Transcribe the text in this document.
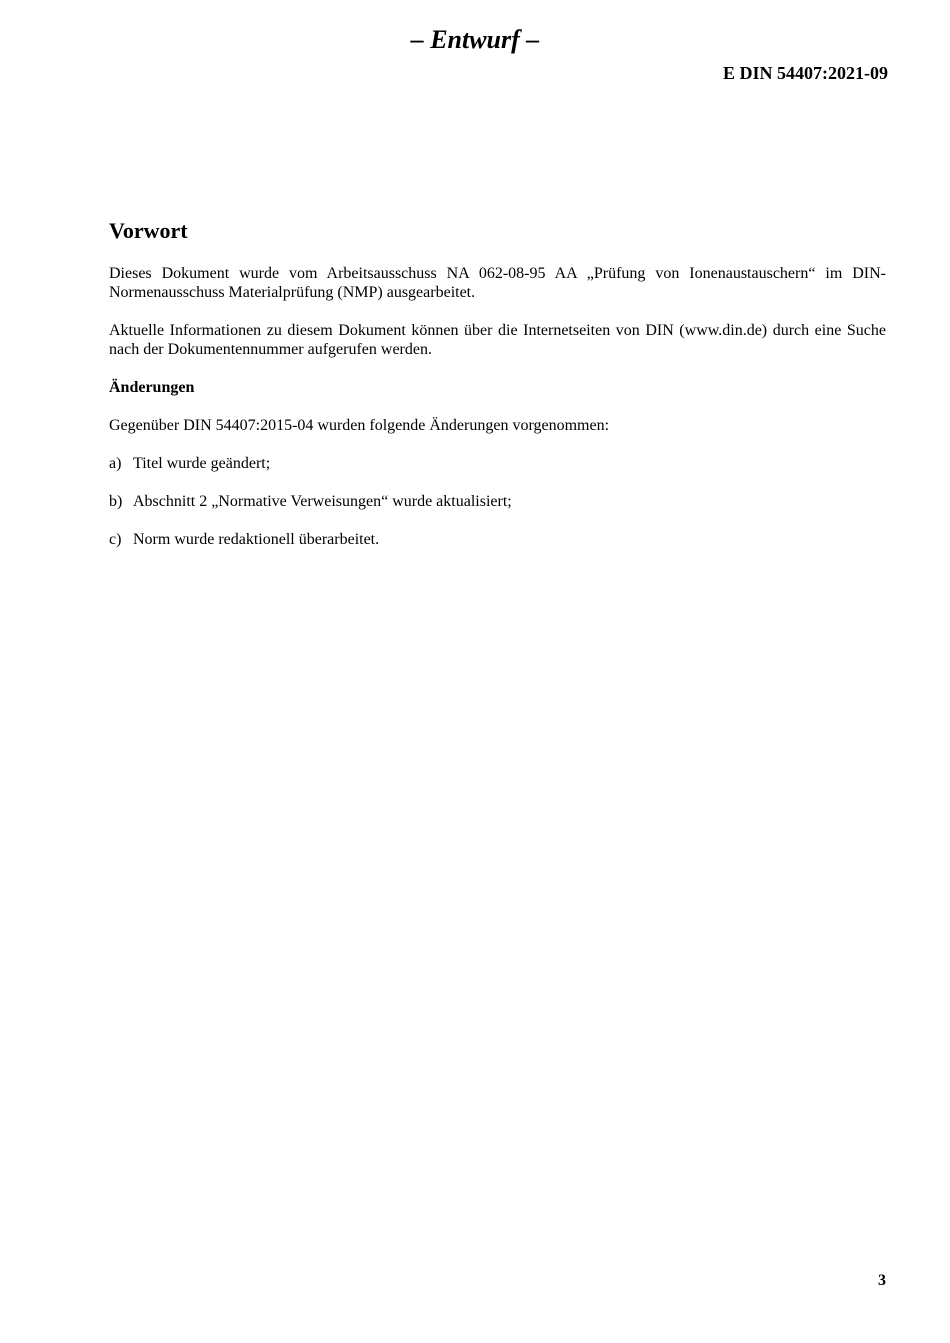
– Entwurf –
E DIN 54407:2021-09
Vorwort

Dieses Dokument wurde vom Arbeitsausschuss NA 062-08-95 AA „Prüfung von Ionenaustauschern“ im DIN-Normenausschuss Materialprüfung (NMP) ausgearbeitet.

Aktuelle Informationen zu diesem Dokument können über die Internetseiten von DIN (www.din.de) durch eine Suche nach der Dokumentennummer aufgerufen werden.

Änderungen

Gegenüber DIN 54407:2015-04 wurden folgende Änderungen vorgenommen:

a) Titel wurde geändert;
b) Abschnitt 2 „Normative Verweisungen“ wurde aktualisiert;
c) Norm wurde redaktionell überarbeitet.
3
